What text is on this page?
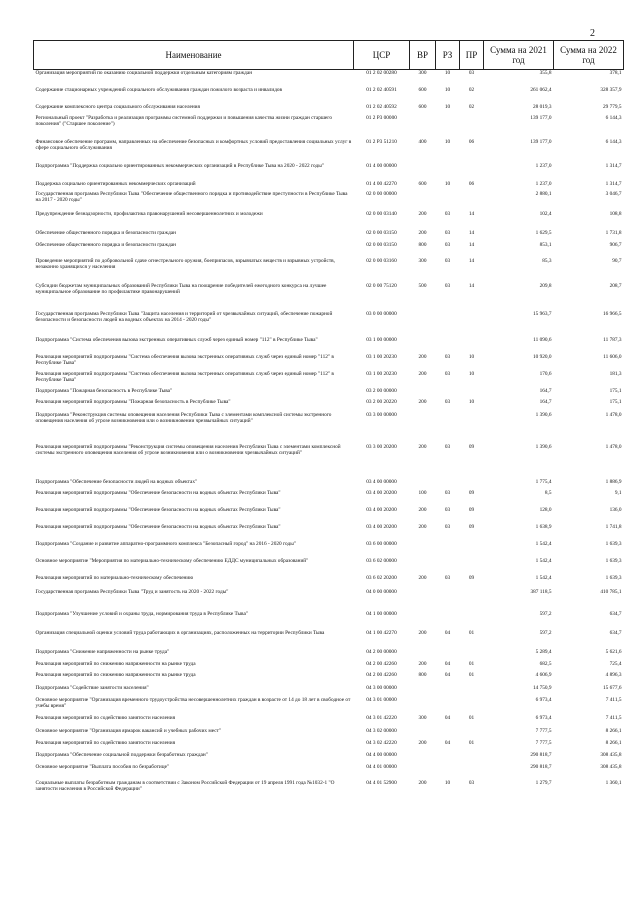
2
Наименование	ЦСР	ВР	РЗ	ПР	Сумма на 2021 год	Сумма на 2022 год
Организация мероприятий по оказанию социальной поддержки отдельным категориям граждан	01 2 02 00280	300	10	03	355,8	378,1
Содержание стационарных учреждений социального обслуживания граждан пожилого возраста и инвалидов	01 2 02 40591	600	10	02	261 062,4	328 357,9
Содержание комплексного центра социального обслуживания населения	01 2 02 40592	600	10	02	28 019,3	29 779,5
Региональный проект "Разработка и реализация программы системной поддержки и повышения качества жизни граждан старшего поколения" ("Старшее поколение")	01 2 P3 00000				139 177,0	6 144,3
Финансовое обеспечение программ, направленных на обеспечение безопасных и комфортных условий предоставления социальных услуг в сфере социального обслуживания	01 2 P3 51210	400	10	06	139 177,0	6 144,3
Подпрограмма "Поддержка социально ориентированных некоммерческих организаций в Республике Тыва на 2020 - 2022 годы"	01 4 00 00000				1 237,0	1 314,7
Поддержка социально ориентированных некоммерческих организаций	01 4 00 42270	600	10	06	1 237,0	1 314,7
Государственная программа Республики Тыва "Обеспечение общественного порядка и противодействие преступности в Республике Тыва на 2017 - 2020 годы"	02 0 00 00000				2 880,1	3 046,7
Предупреждение безнадзорности, профилактика правонарушений несовершеннолетних и молодежи	02 0 00 03140	200	03	14	102,4	108,8
Обеспечение общественного порядка и безопасности граждан	02 0 00 03150	200	03	14	1 629,5	1 731,8
Обеспечение общественного порядка и безопасности граждан	02 0 00 03150	800	03	14	853,1	906,7
Проведение мероприятий по добровольной сдаче огнестрельного оружия, боеприпасов, взрывчатых веществ и взрывных устройств, незаконно хранящихся у населения	02 0 00 03160	300	03	14	85,3	90,7
Субсидии бюджетам муниципальных образований Республики Тыва на поощрение победителей ежегодного конкурса на лучшее муниципальное образование по профилактике правонарушений	02 0 00 75120	500	03	14	209,8	208,7
Государственная программа Республики Тыва "Защита населения и территорий от чрезвычайных ситуаций, обеспечение пожарной безопасности и безопасности людей на водных объектах на 2014 - 2020 годы"	03 0 00 00000				15 963,7	16 966,5
Подпрограмма "Система обеспечения вызова экстренных оперативных служб через единый номер "112" в Республике Тыва"	03 1 00 00000				11 090,6	11 787,3
Реализация мероприятий подпрограммы "Система обеспечения вызова экстренных оперативных служб через единый номер "112" в Республике Тыва"	03 1 00 20230	200	03	10	10 920,0	11 606,0
Реализация мероприятий подпрограммы "Система обеспечения вызова экстренных оперативных служб через единый номер "112" в Республике Тыва"	03 1 00 20230	200	03	10	170,6	181,3
Подпрограмма "Пожарная безопасность в Республике Тыва"	03 2 00 00000				164,7	175,1
Реализация мероприятий подпрограммы "Пожарная безопасность в Республике Тыва"	03 2 00 20220	200	03	10	164,7	175,1
Подпрограмма "Реконструкция системы оповещения населения Республики Тыва с элементами комплексной системы экстренного оповещения населения об угрозе возникновения или о возникновении чрезвычайных ситуаций"	03 3 00 00000				1 390,6	1 478,0
Реализация мероприятий подпрограммы "Реконструкция системы оповещения населения Республики Тыва с элементами комплексной системы экстренного оповещения населения об угрозе возникновения или о возникновении чрезвычайных ситуаций"	03 3 00 20200	200	03	09	1 390,6	1 478,0
Подпрограмма "Обеспечение безопасности людей на водных объектах"	03 4 00 00000				1 775,4	1 886,9
Реализация мероприятий подпрограммы "Обеспечение безопасности на водных объектах Республики Тыва"	03 4 00 20200	100	03	09	8,5	9,1
Реализация мероприятий подпрограммы "Обеспечение безопасности на водных объектах Республики Тыва"	03 4 00 20200	200	03	09	128,0	136,0
Реализация мероприятий подпрограммы "Обеспечение безопасности на водных объектах Республики Тыва"	03 4 00 20200	200	03	09	1 638,9	1 741,8
Подпрограмма "Создание и развитие аппаратно-программного комплекса "Безопасный город" на 2016 - 2020 годы"	03 6 00 00000				1 542,4	1 639,3
Основное мероприятие "Мероприятия по материально-техническому обеспечению ЕДДС муниципальных образований"	03 6 02 00000				1 542,4	1 639,3
Реализация мероприятий по материально-техническому обеспечению	03 6 02 20200	200	03	09	1 542,4	1 639,3
Государственная программа Республики Тыва "Труд и занятость на 2020 - 2022 годы"	04 0 00 00000				387 118,5	410 785,1
Подпрограмма "Улучшение условий и охраны труда, нормирования труда в Республике Тыва"	04 1 00 00000				597,2	634,7
Организация специальной оценки условий труда работающих в организациях, расположенных на территории Республики Тыва	04 1 00 42270	200	04	01	597,2	634,7
Подпрограмма "Снижение напряженности на рынке труда"	04 2 00 00000				5 289,4	5 621,6
Реализация мероприятий по снижению напряженности на рынке труда	04 2 00 42260	200	04	01	682,5	725,4
Реализация мероприятий по снижению напряженности на рынке труда	04 2 00 42260	800	04	01	4 606,9	4 896,3
Подпрограмма "Содействие занятости населения"	04 3 00 00000				14 750,9	15 677,6
Основное мероприятие "Организация временного трудоустройства несовершеннолетних граждан в возрасте от 14 до 18 лет в свободное от учебы время"	04 3 01 00000				6 973,4	7 411,5
Реализация мероприятий по содействию занятости населения	04 3 01 42220	300	04	01	6 973,4	7 411,5
Основное мероприятие "Организация ярмарок вакансий и учебных рабочих мест"	04 3 02 00000				7 777,5	8 266,1
Реализация мероприятий по содействию занятости населения	04 3 02 42220	200	04	01	7 777,5	8 266,1
Подпрограмма "Обеспечение социальной поддержки безработных граждан"	04 4 00 00000				290 818,7	308 435,8
Основное мероприятие "Выплата пособия по безработице"	04 4 01 00000				290 818,7	308 435,8
Социальные выплаты безработным гражданам в соответствии с Законом Российской Федерации от 19 апреля 1991 года №1032-1 "О занятости населения в Российской Федерации"	04 4 01 52900	200	10	03	1 279,7	1 360,1
